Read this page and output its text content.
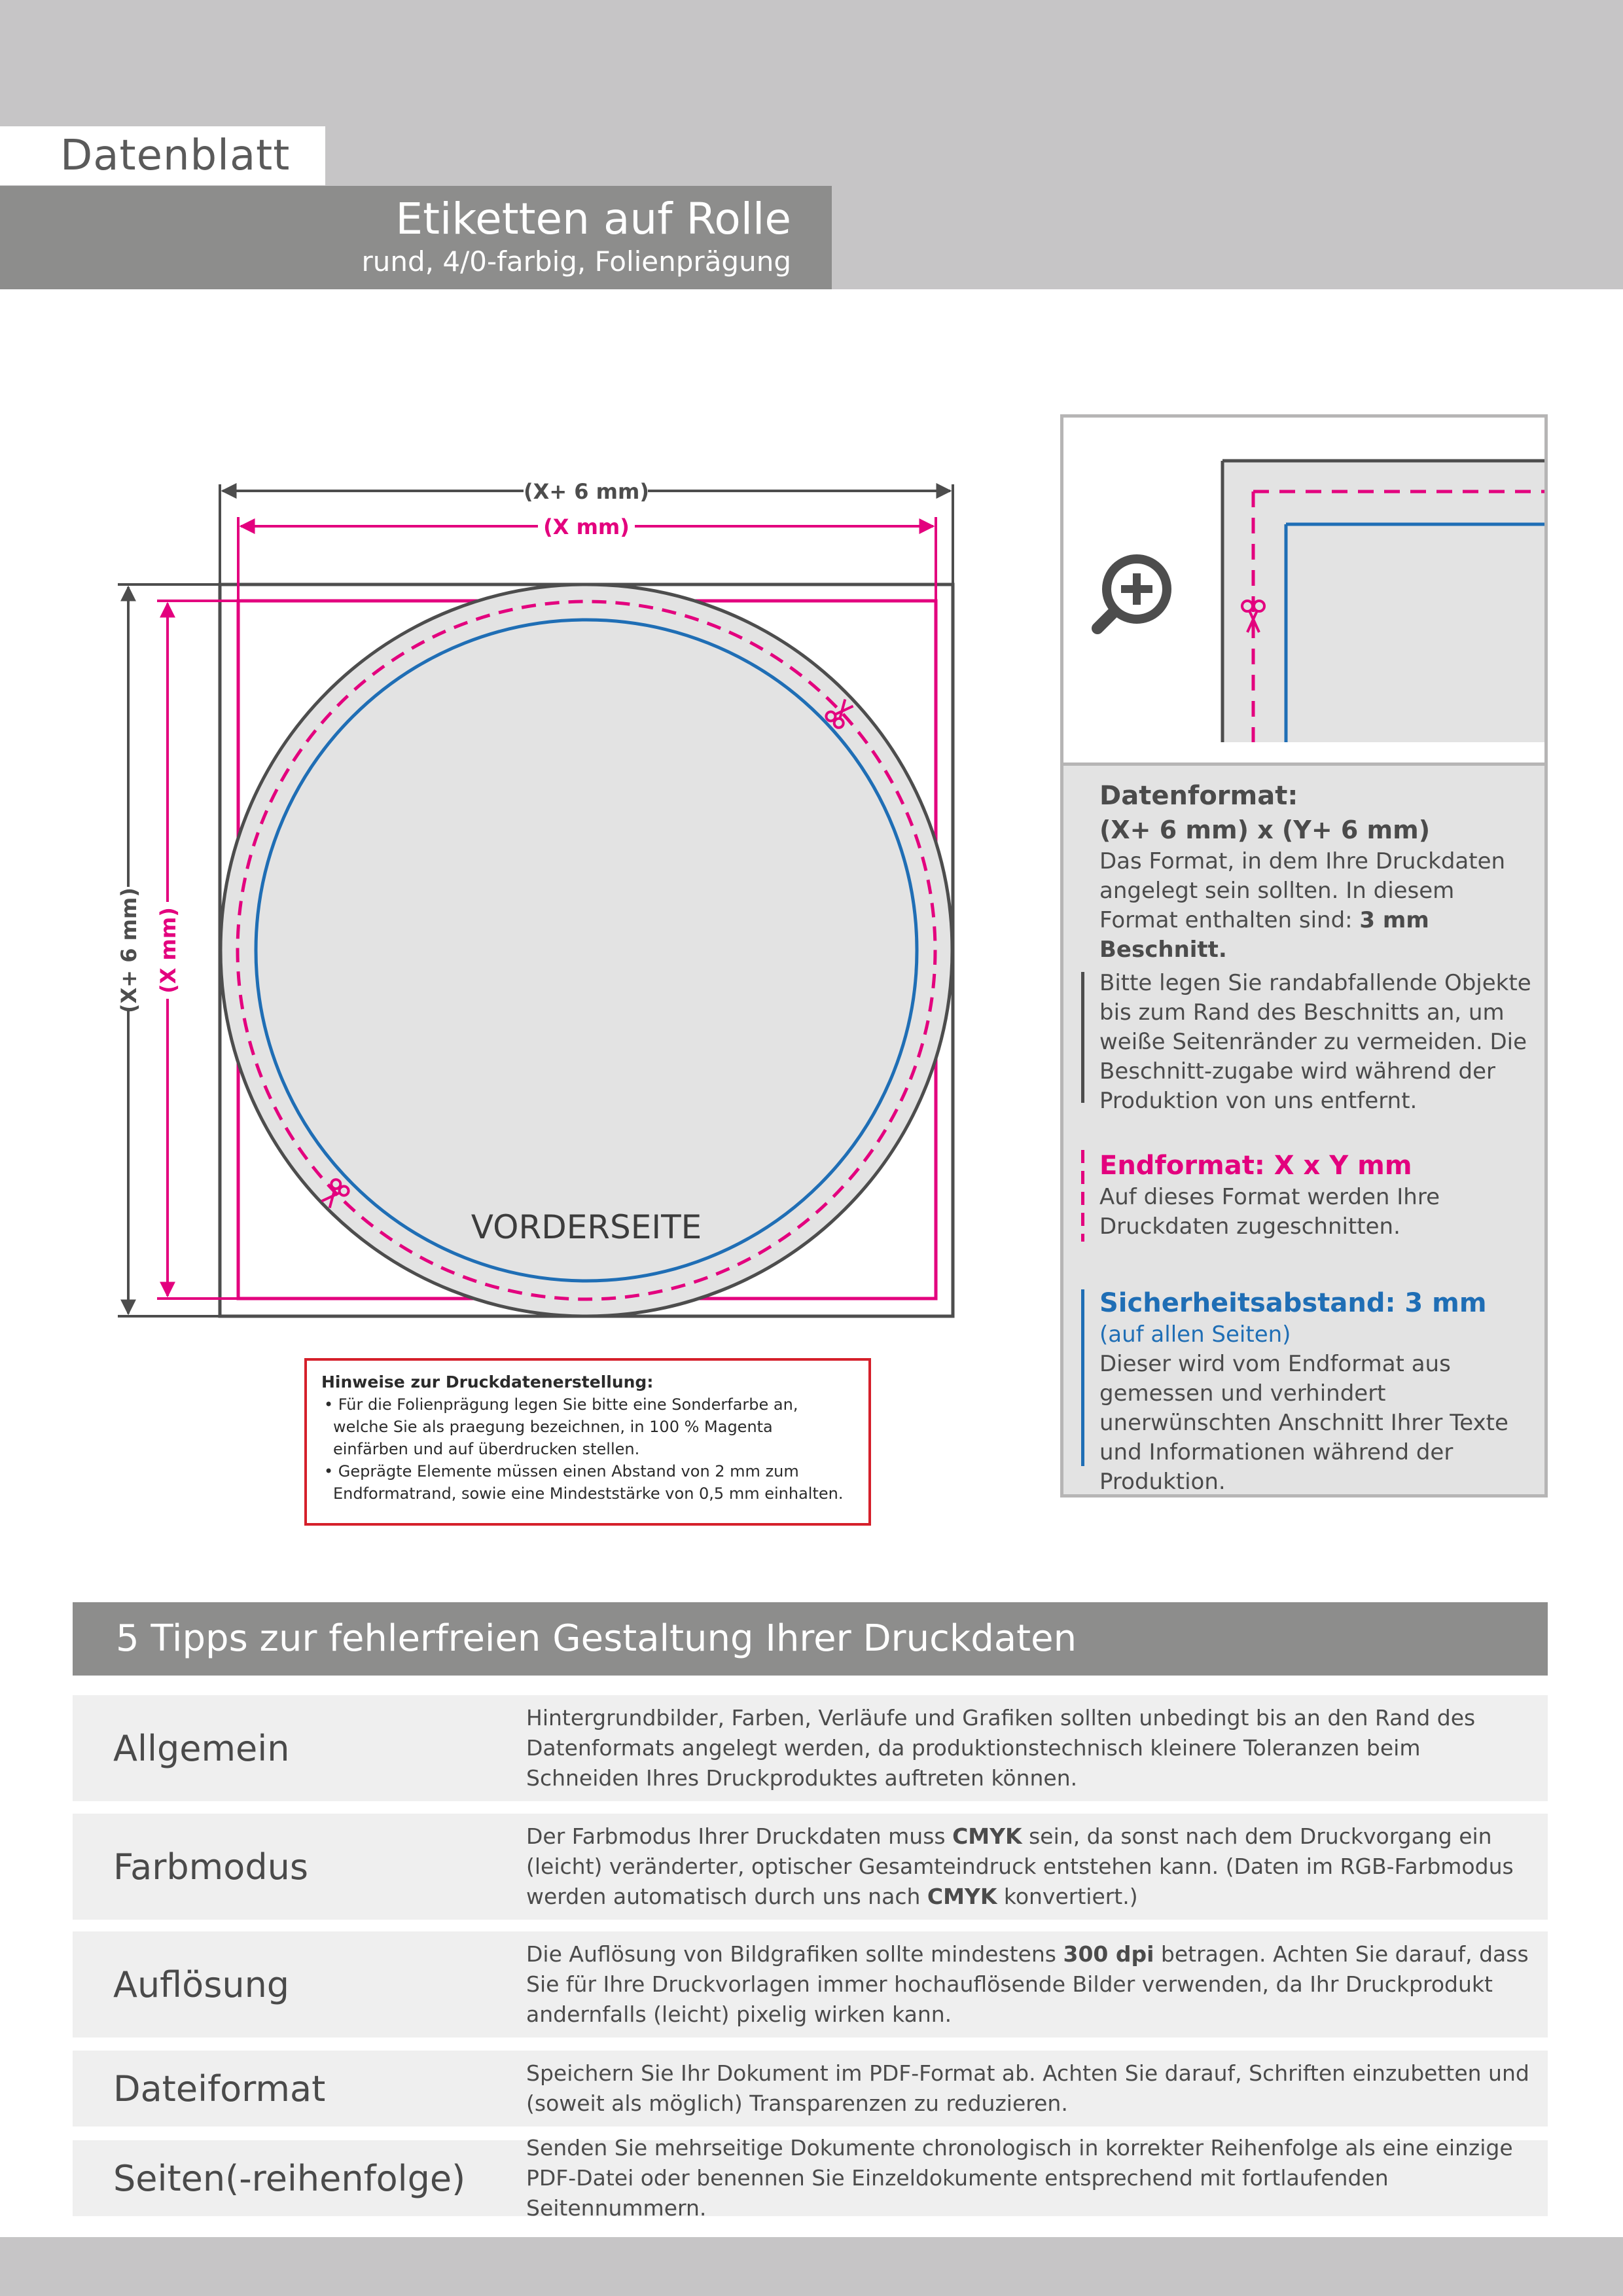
Datenblatt
Etiketten auf Rolle
rund, 4/0-farbig, Folienprägung
(X+ 6 mm)
(X mm)
(X+ 6 mm) (X mm)
VORDERSEITE
Hinweise zur Druckdatenerstellung:
• Für die Folienprägung legen Sie bitte eine Sonderfarbe an, welche Sie als praegung bezeichnen, in 100 % Magenta einfärben und auf überdrucken stellen.
• Geprägte Elemente müssen einen Abstand von 2 mm zum Endformatrand, sowie eine Mindeststärke von 0,5 mm einhalten.
Datenformat:
(X+ 6 mm) x (Y+ 6 mm)
Das Format, in dem Ihre Druckdaten angelegt sein sollten. In diesem Format enthalten sind: 3 mm Beschnitt.
Bitte legen Sie randabfallende Objekte bis zum Rand des Beschnitts an, um weiße Seitenränder zu vermeiden. Die Beschnitt-zugabe wird während der Produktion von uns entfernt.
Endformat: X x Y mm
Auf dieses Format werden Ihre Druckdaten zugeschnitten.
Sicherheitsabstand: 3 mm
(auf allen Seiten)
Dieser wird vom Endformat aus gemessen und verhindert unerwünschten Anschnitt Ihrer Texte und Informationen während der Produktion.
5 Tipps zur fehlerfreien Gestaltung Ihrer Druckdaten
Allgemein
Hintergrundbilder, Farben, Verläufe und Grafiken sollten unbedingt bis an den Rand des Datenformats angelegt werden, da produktionstechnisch kleinere Toleranzen beim Schneiden Ihres Druckproduktes auftreten können.
Farbmodus
Der Farbmodus Ihrer Druckdaten muss CMYK sein, da sonst nach dem Druckvorgang ein (leicht) veränderter, optischer Gesamteindruck entstehen kann. (Daten im RGB-Farbmodus werden automatisch durch uns nach CMYK konvertiert.)
Auflösung
Die Auflösung von Bildgrafiken sollte mindestens 300 dpi betragen. Achten Sie darauf, dass Sie für Ihre Druckvorlagen immer hochauflösende Bilder verwenden, da Ihr Druckprodukt andernfalls (leicht) pixelig wirken kann.
Dateiformat	Speichern Sie Ihr Dokument im PDF-Format ab. Achten Sie darauf, Schriften einzubetten und (soweit als möglich) Transparenzen zu reduzieren.
Seiten(-reihenfolge)
Senden Sie mehrseitige Dokumente chronologisch in korrekter Reihenfolge als eine einzige PDF-Datei oder benennen Sie Einzeldokumente entsprechend mit fortlaufenden Seitennummern.
